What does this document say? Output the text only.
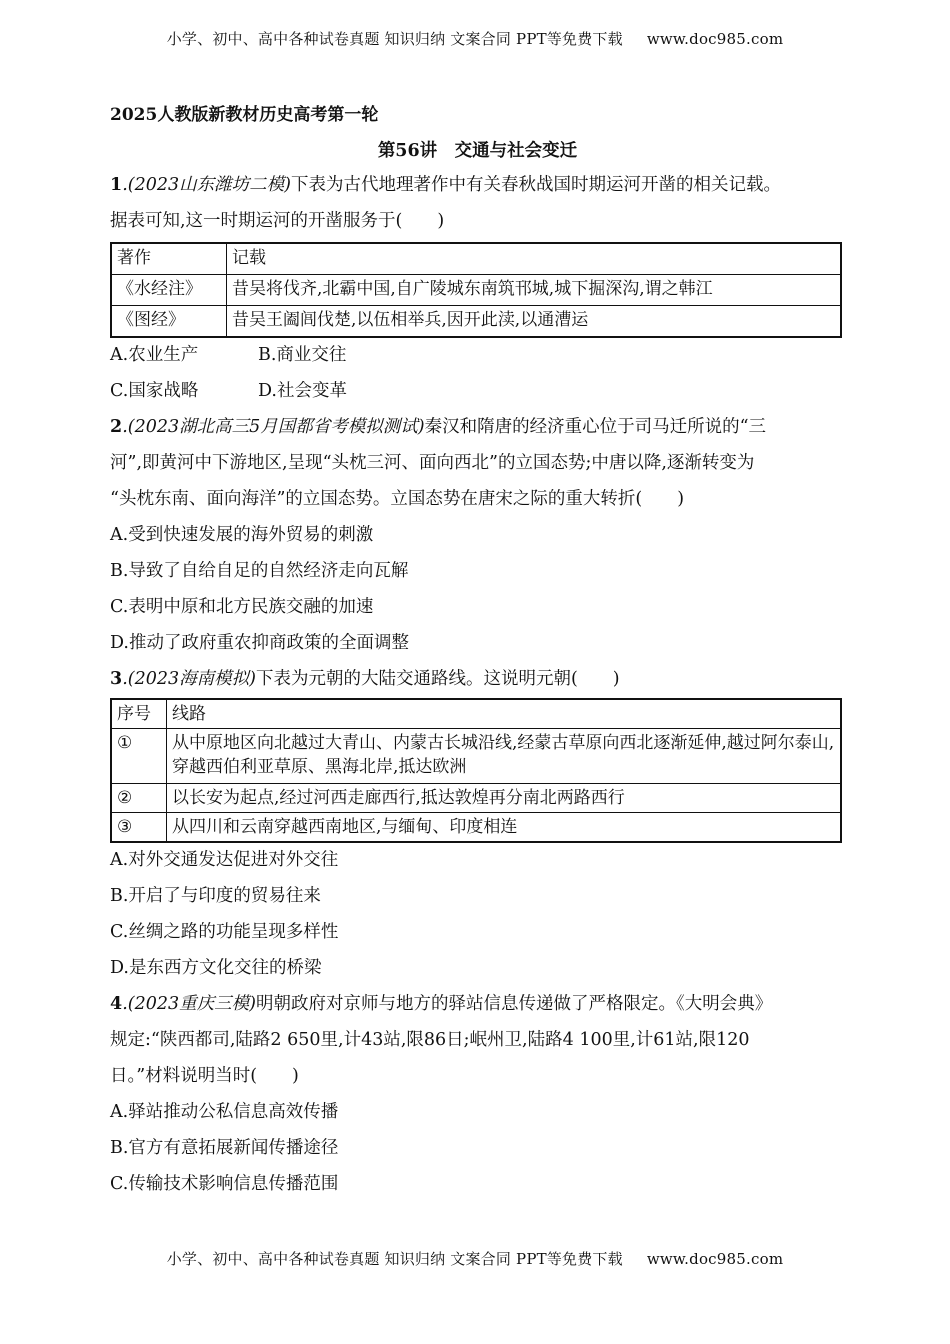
小学、初中、高中各种试卷真题 知识归纳 文案合同 PPT等免费下载 www.doc985.com
2025人教版新教材历史高考第一轮
第56讲　交通与社会变迁
1.(2023山东潍坊二模)下表为古代地理著作中有关春秋战国时期运河开凿的相关记载。
据表可知,这一时期运河的开凿服务于(　　)
著作	记载
《水经注》	昔吴将伐齐,北霸中国,自广陵城东南筑邗城,城下掘深沟,谓之韩江
《图经》	昔吴王阖闾伐楚,以伍相举兵,因开此渎,以通漕运
A.农业生产	B.商业交往
C.国家战略	D.社会变革
2.(2023湖北高三5月国都省考模拟测试)秦汉和隋唐的经济重心位于司马迁所说的“三
河”,即黄河中下游地区,呈现“头枕三河、面向西北”的立国态势;中唐以降,逐渐转变为
“头枕东南、面向海洋”的立国态势。立国态势在唐宋之际的重大转折(　　)
A.受到快速发展的海外贸易的刺激
B.导致了自给自足的自然经济走向瓦解
C.表明中原和北方民族交融的加速
D.推动了政府重农抑商政策的全面调整
3.(2023海南模拟)下表为元朝的大陆交通路线。这说明元朝(　　)
序号	线路
①	从中原地区向北越过大青山、内蒙古长城沿线,经蒙古草原向西北逐渐延伸,越过阿尔泰山,穿越西伯利亚草原、黑海北岸,抵达欧洲
②	以长安为起点,经过河西走廊西行,抵达敦煌再分南北两路西行
③	从四川和云南穿越西南地区,与缅甸、印度相连
A.对外交通发达促进对外交往
B.开启了与印度的贸易往来
C.丝绸之路的功能呈现多样性
D.是东西方文化交往的桥梁
4.(2023重庆三模)明朝政府对京师与地方的驿站信息传递做了严格限定。《大明会典》
规定:“陕西都司,陆路2 650里,计43站,限86日;岷州卫,陆路4 100里,计61站,限120
日。”材料说明当时(　　)
A.驿站推动公私信息高效传播
B.官方有意拓展新闻传播途径
C.传输技术影响信息传播范围
小学、初中、高中各种试卷真题 知识归纳 文案合同 PPT等免费下载 www.doc985.com
